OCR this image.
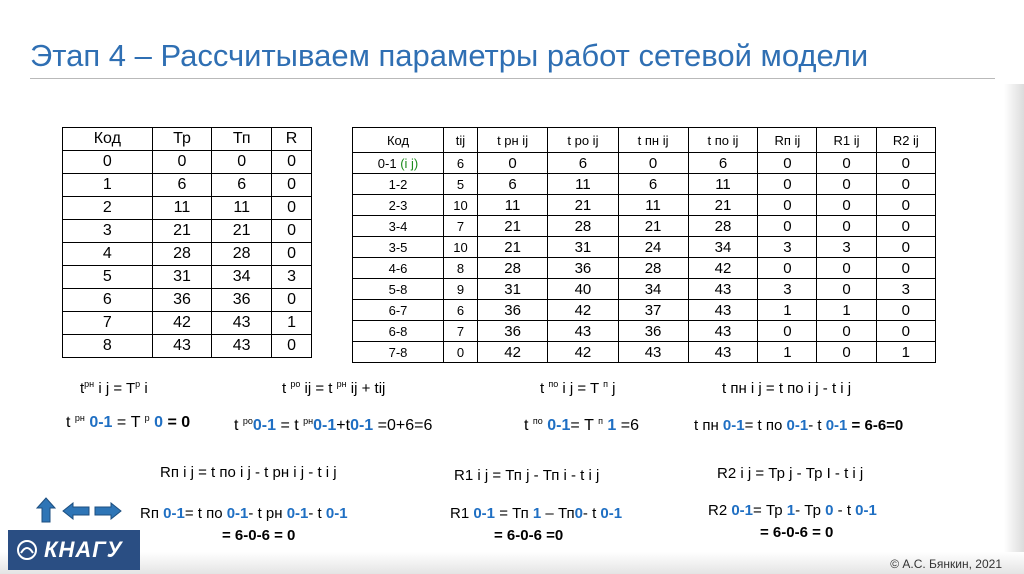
Этап 4 – Рассчитываем параметры работ сетевой модели
Код	Тр	Тп	R
0	0	0	0
1	6	6	0
2	11	11	0
3	21	21	0
4	28	28	0
5	31	34	3
6	36	36	0
7	42	43	1
8	43	43	0
Код	tij	t рн ij	t ро ij	t пн ij	t по ij	Rп ij	R1 ij	R2 ij
0-1 (i j)	6	0	6	0	6	0	0	0
1-2	5	6	11	6	11	0	0	0
2-3	10	11	21	11	21	0	0	0
3-4	7	21	28	21	28	0	0	0
3-5	10	21	31	24	34	3	3	0
4-6	8	28	36	28	42	0	0	0
5-8	9	31	40	34	43	3	0	3
6-7	6	36	42	37	43	1	1	0
6-8	7	36	43	36	43	0	0	0
7-8	0	42	42	43	43	1	0	1
$t^{рн}$ i $j = T^р$ i	t $^{ро}$ ij = t $^{рн}$ ij + tij	t $^{по}$ i j = T $^п$ j	t пн i j = t по i j - t i j
t $^{рн}$ 0-1 = T $^р$ 0 = 0	t $^{ро}$0-1 = t $^{рн}$0-1+t0-1 =0+6=6	t $^{по}$ 0-1= T $^п$ 1 =6	t пн 0-1= t по 0-1- t 0-1 = 6-6=0
Rп i j = t по i j - t рн i j - t i j	R1 i j = Тп j - Тп i - t i j	R2 i j = Тр j - Тр I - t i j
Rп 0-1= t по 0-1- t рн 0-1- t 0-1
= 6-0-6 = 0
R1 0-1 = Тп 1 – Тп0- t 0-1
= 6-0-6 =0
R2 0-1= Тр 1- Тр 0 - t 0-1
= 6-0-6 = 0
КНАГУ
© А.С. Бянкин, 2021
